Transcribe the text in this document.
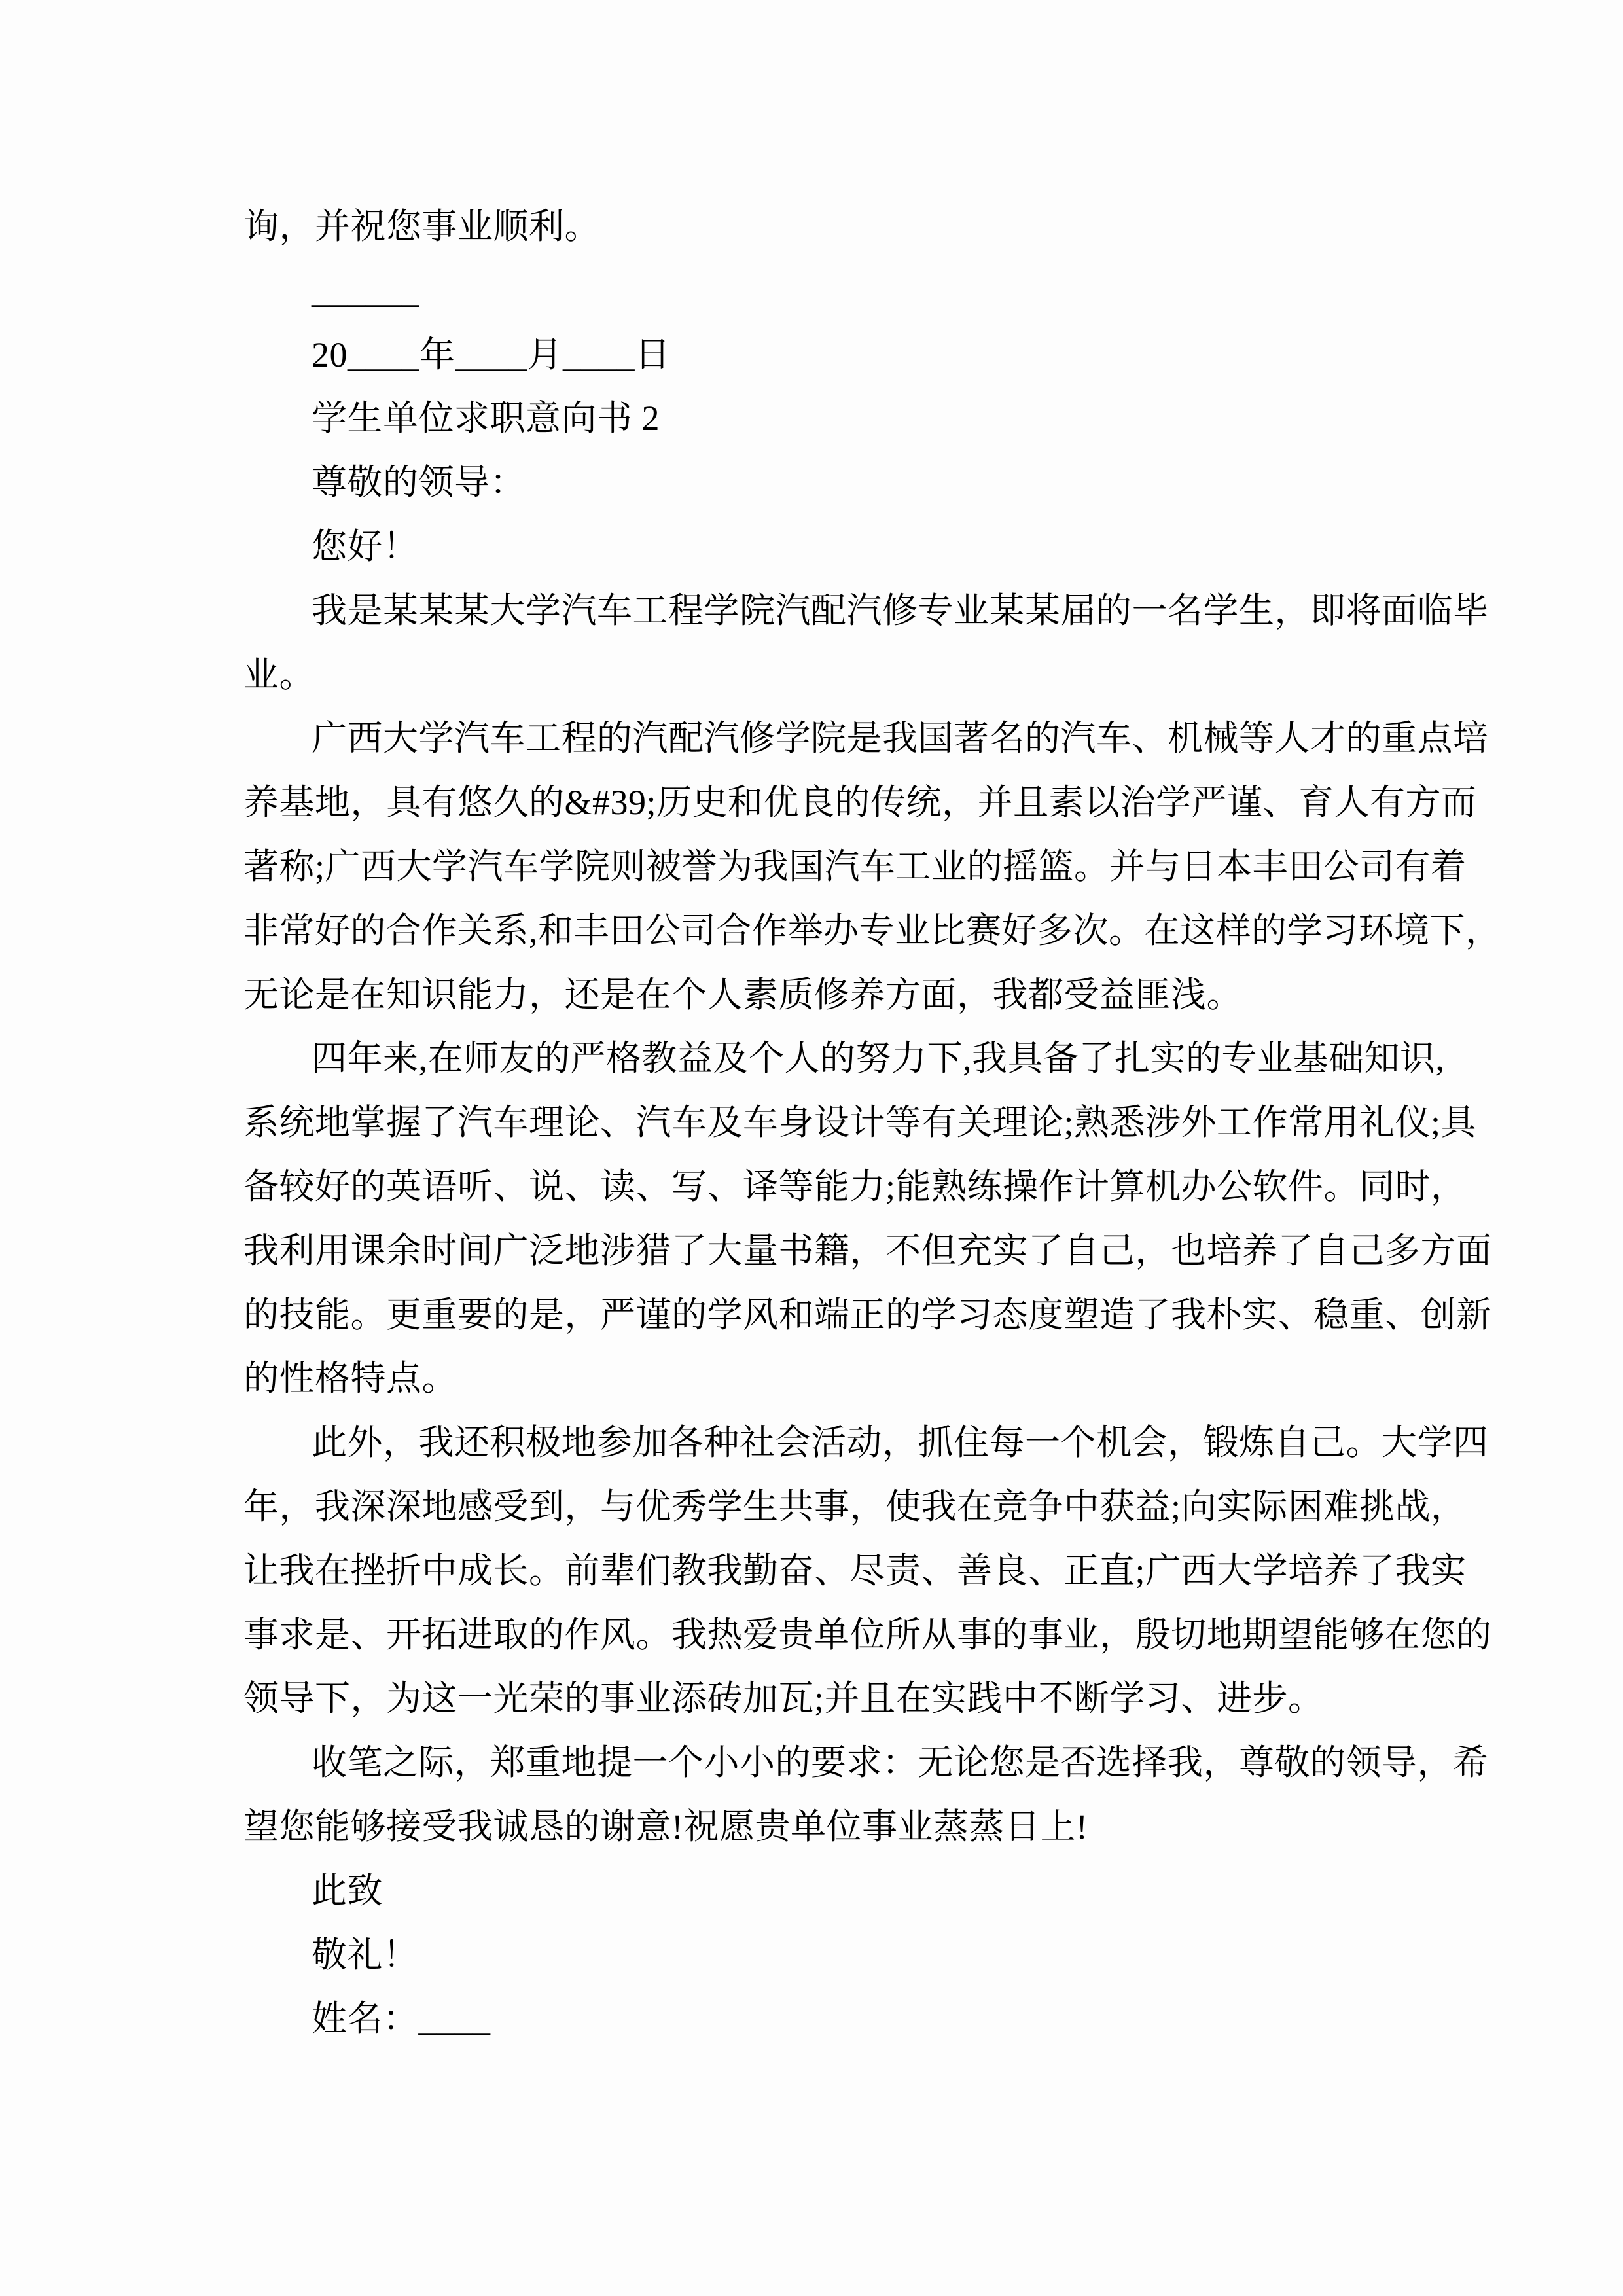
询，并祝您事业顺利。
______
20____年____月____日
学生单位求职意向书 2
尊敬的领导：
您好！
我是某某某大学汽车工程学院汽配汽修专业某某届的一名学生，即将面临毕
业。
广西大学汽车工程的汽配汽修学院是我国著名的汽车、机械等人才的重点培
养基地，具有悠久的&#39;历史和优良的传统，并且素以治学严谨、育人有方而
著称;广西大学汽车学院则被誉为我国汽车工业的摇篮。并与日本丰田公司有着
非常好的合作关系,和丰田公司合作举办专业比赛好多次。在这样的学习环境下，
无论是在知识能力，还是在个人素质修养方面，我都受益匪浅。
四年来,在师友的严格教益及个人的努力下,我具备了扎实的专业基础知识,
系统地掌握了汽车理论、汽车及车身设计等有关理论;熟悉涉外工作常用礼仪;具
备较好的英语听、说、读、写、译等能力;能熟练操作计算机办公软件。同时，
我利用课余时间广泛地涉猎了大量书籍，不但充实了自己，也培养了自己多方面
的技能。更重要的是，严谨的学风和端正的学习态度塑造了我朴实、稳重、创新
的性格特点。
此外，我还积极地参加各种社会活动，抓住每一个机会，锻炼自己。大学四
年，我深深地感受到，与优秀学生共事，使我在竞争中获益;向实际困难挑战，
让我在挫折中成长。前辈们教我勤奋、尽责、善良、正直;广西大学培养了我实
事求是、开拓进取的作风。我热爱贵单位所从事的事业，殷切地期望能够在您的
领导下，为这一光荣的事业添砖加瓦;并且在实践中不断学习、进步。
收笔之际，郑重地提一个小小的要求：无论您是否选择我，尊敬的领导，希
望您能够接受我诚恳的谢意!祝愿贵单位事业蒸蒸日上!
此致
敬礼！
姓名：____
